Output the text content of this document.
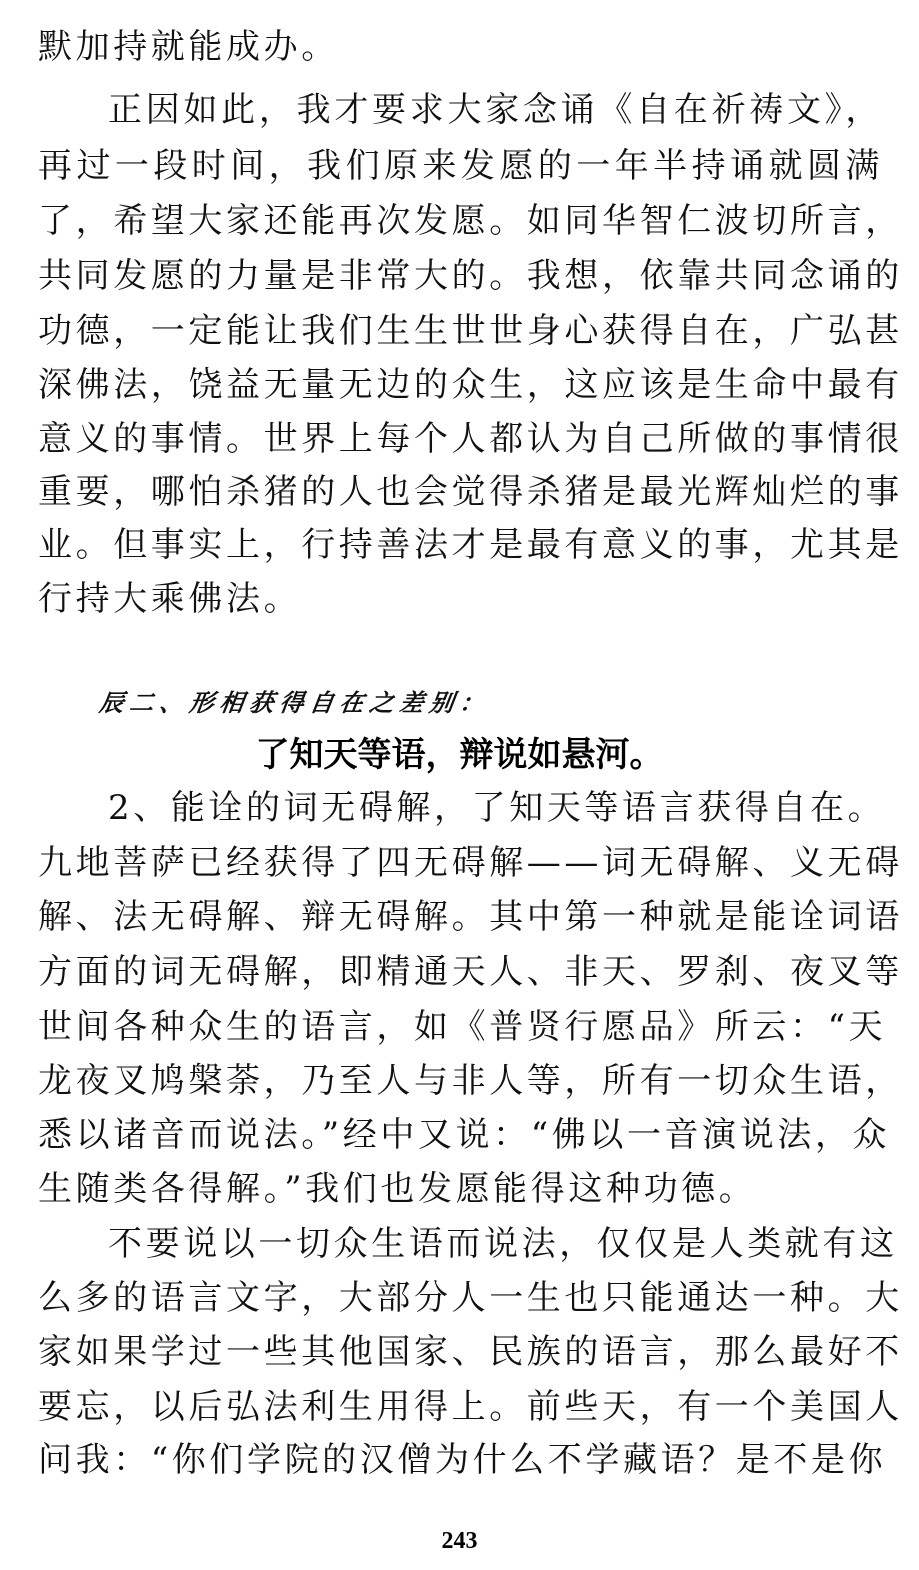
默加持就能成办。
正因如此，我才要求大家念诵《自在祈祷文》，
再过一段时间，我们原来发愿的一年半持诵就圆满
了，希望大家还能再次发愿。如同华智仁波切所言，
共同发愿的力量是非常大的。我想，依靠共同念诵的
功德，一定能让我们生生世世身心获得自在，广弘甚
深佛法，饶益无量无边的众生，这应该是生命中最有
意义的事情。世界上每个人都认为自己所做的事情很
重要，哪怕杀猪的人也会觉得杀猪是最光辉灿烂的事
业。但事实上，行持善法才是最有意义的事，尤其是
行持大乘佛法。
辰二、形相获得自在之差别：
了知天等语，辩说如悬河。
2、能诠的词无碍解，了知天等语言获得自在。
九地菩萨已经获得了四无碍解——词无碍解、义无碍
解、法无碍解、辩无碍解。其中第一种就是能诠词语
方面的词无碍解，即精通天人、非天、罗刹、夜叉等
世间各种众生的语言，如《普贤行愿品》所云：“天
龙夜叉鸠槃荼，乃至人与非人等，所有一切众生语，
悉以诸音而说法。”经中又说：“佛以一音演说法，众
生随类各得解。”我们也发愿能得这种功德。
不要说以一切众生语而说法，仅仅是人类就有这
么多的语言文字，大部分人一生也只能通达一种。大
家如果学过一些其他国家、民族的语言，那么最好不
要忘，以后弘法利生用得上。前些天，有一个美国人
问我：“你们学院的汉僧为什么不学藏语？是不是你
243
